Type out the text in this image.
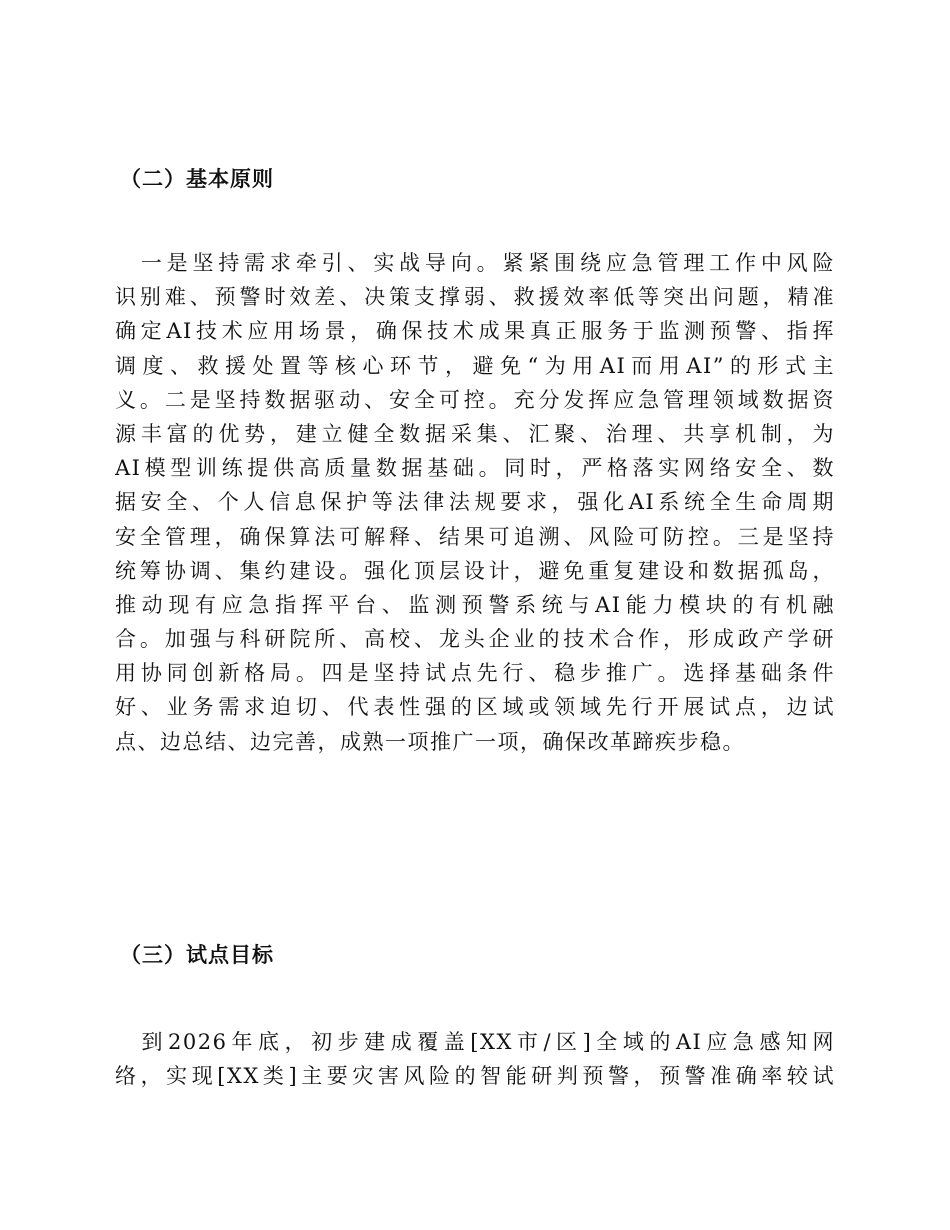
（二）基本原则
　一是坚持需求牵引、实战导向。紧紧围绕应急管理工作中风险
识别难、预警时效差、决策支撑弱、救援效率低等突出问题，精准
确定AI技术应用场景，确保技术成果真正服务于监测预警、指挥
调度、救援处置等核心环节，避免“为用AI而用AI”的形式主
义。二是坚持数据驱动、安全可控。充分发挥应急管理领域数据资
源丰富的优势，建立健全数据采集、汇聚、治理、共享机制，为
AI模型训练提供高质量数据基础。同时，严格落实网络安全、数
据安全、个人信息保护等法律法规要求，强化AI系统全生命周期
安全管理，确保算法可解释、结果可追溯、风险可防控。三是坚持
统筹协调、集约建设。强化顶层设计，避免重复建设和数据孤岛，
推动现有应急指挥平台、监测预警系统与AI能力模块的有机融
合。加强与科研院所、高校、龙头企业的技术合作，形成政产学研
用协同创新格局。四是坚持试点先行、稳步推广。选择基础条件
好、业务需求迫切、代表性强的区域或领域先行开展试点，边试
点、边总结、边完善，成熟一项推广一项，确保改革蹄疾步稳。
（三）试点目标
　到2026年底，初步建成覆盖[XX市/区]全域的AI应急感知网
络，实现[XX类]主要灾害风险的智能研判预警，预警准确率较试
